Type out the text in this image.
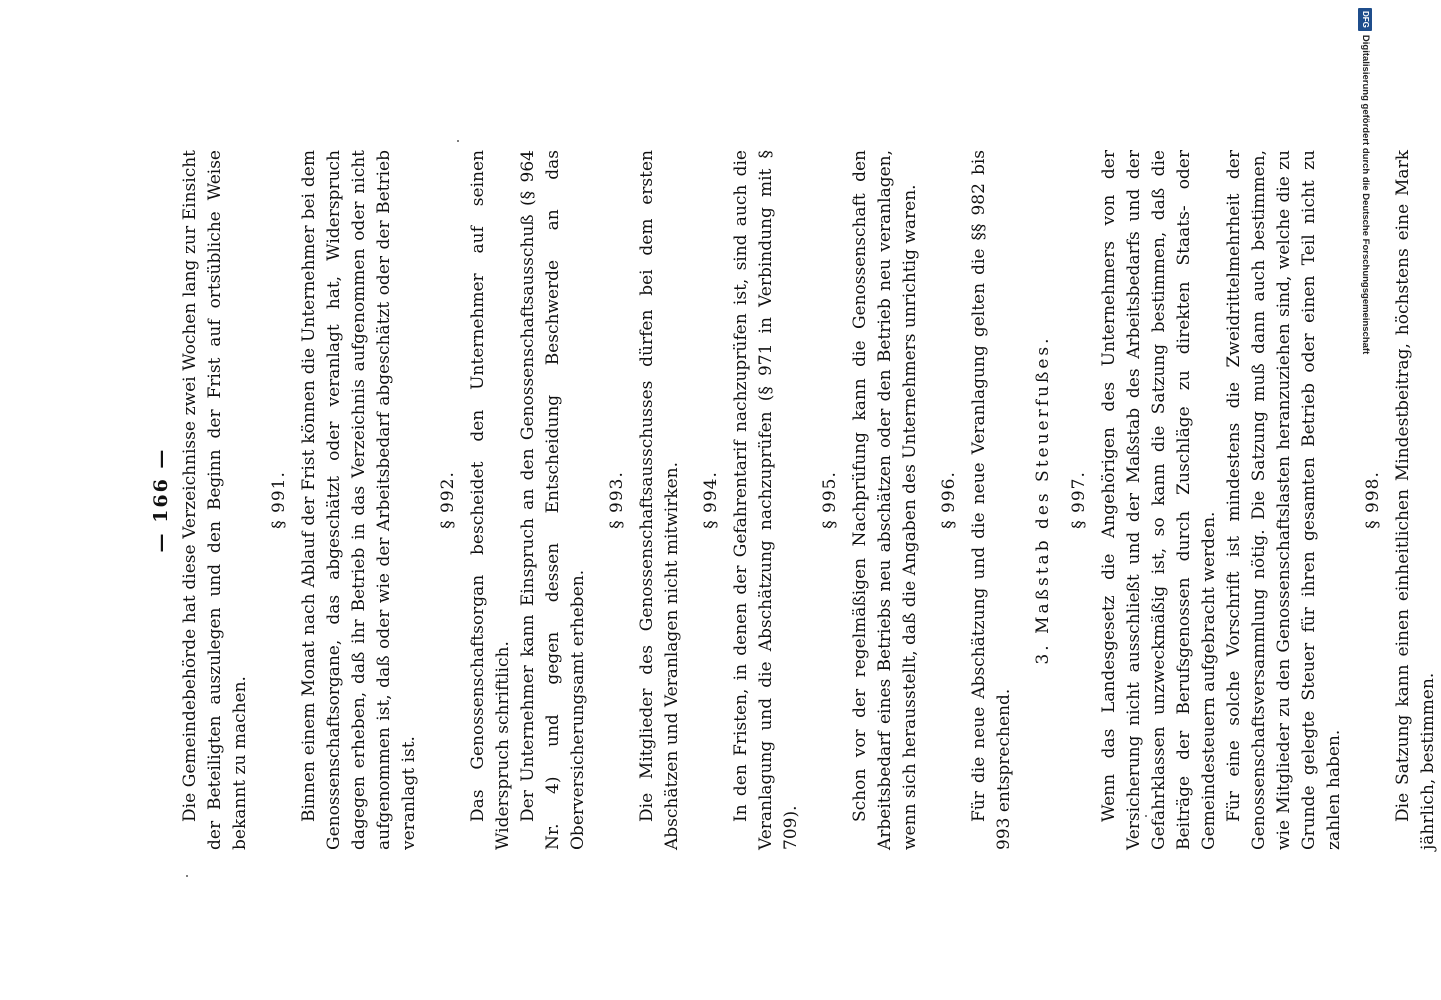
— 166 — Die Gemeindebehörde hat diese Verzeichnisse zwei Wochen lang zur Einsicht der Beteiligten auszulegen und den Beginn der Frist auf ortsübliche Weise bekannt zu machen.

§ 991. Binnen einem Monat nach Ablauf der Frist können die Unternehmer bei dem Genossenschaftsorgane, das abgeschätzt oder veranlagt hat, Widerspruch dagegen erheben, daß ihr Betrieb in das Verzeichnis aufgenommen oder nicht aufgenommen ist, daß oder wie der Arbeitsbedarf abgeschätzt oder der Betrieb veranlagt ist.

§ 992. Das Genossenschaftsorgan bescheidet den Unternehmer auf seinen Widerspruch schriftlich. Der Unternehmer kann Einspruch an den Genossenschaftsausschuß (§ 964 Nr. 4) und gegen dessen Entscheidung Beschwerde an das Oberversicherungsamt erheben.

§ 993. Die Mitglieder des Genossenschaftsausschusses dürfen bei dem ersten Abschätzen und Veranlagen nicht mitwirken. § 994. In den Fristen, in denen der Gefahrentarif nachzuprüfen ist, sind auch die Veranlagung und die Abschätzung nachzuprüfen (§ 971 in Verbindung mit § 709).

§ 995. Schon vor der regelmäßigen Nachprüfung kann die Genossenschaft den Arbeitsbedarf eines Betriebs neu abschätzen oder den Betrieb neu veranlagen, wenn sich herausstellt, daß die Angaben des Unternehmers unrichtig waren. § 996. Für die neue Abschätzung und die neue Veranlagung gelten die §§ 982 bis 993 entsprechend.

3. Maßstab des Steuerfußes. § 997. Wenn das Landesgesetz die Angehörigen des Unternehmers von der Versicherung nicht ausschließt und der Maßstab des Arbeitsbedarfs und der Gefahrklassen unzweckmäßig ist, so kann die Satzung bestimmen, daß die Beiträge der Berufsgenossen durch Zuschläge zu direkten Staats- oder Gemeindesteuern aufgebracht werden. Für eine solche Vorschrift ist mindestens die Zweidrittelmehrheit der Genossenschaftsversammlung nötig. Die Satzung muß dann auch bestimmen, wie Mitglieder zu den Genossenschaftslasten heranzuziehen sind, welche die zu Grunde gelegte Steuer für ihren gesamten Betrieb oder einen Teil nicht zu zahlen haben.

§ 998. Die Satzung kann einen einheitlichen Mindestbeitrag, höchstens eine Mark jährlich, bestimmen.

DFG
Digitalisierung gefördert durch die Deutsche Forschungsgemeinschaft
